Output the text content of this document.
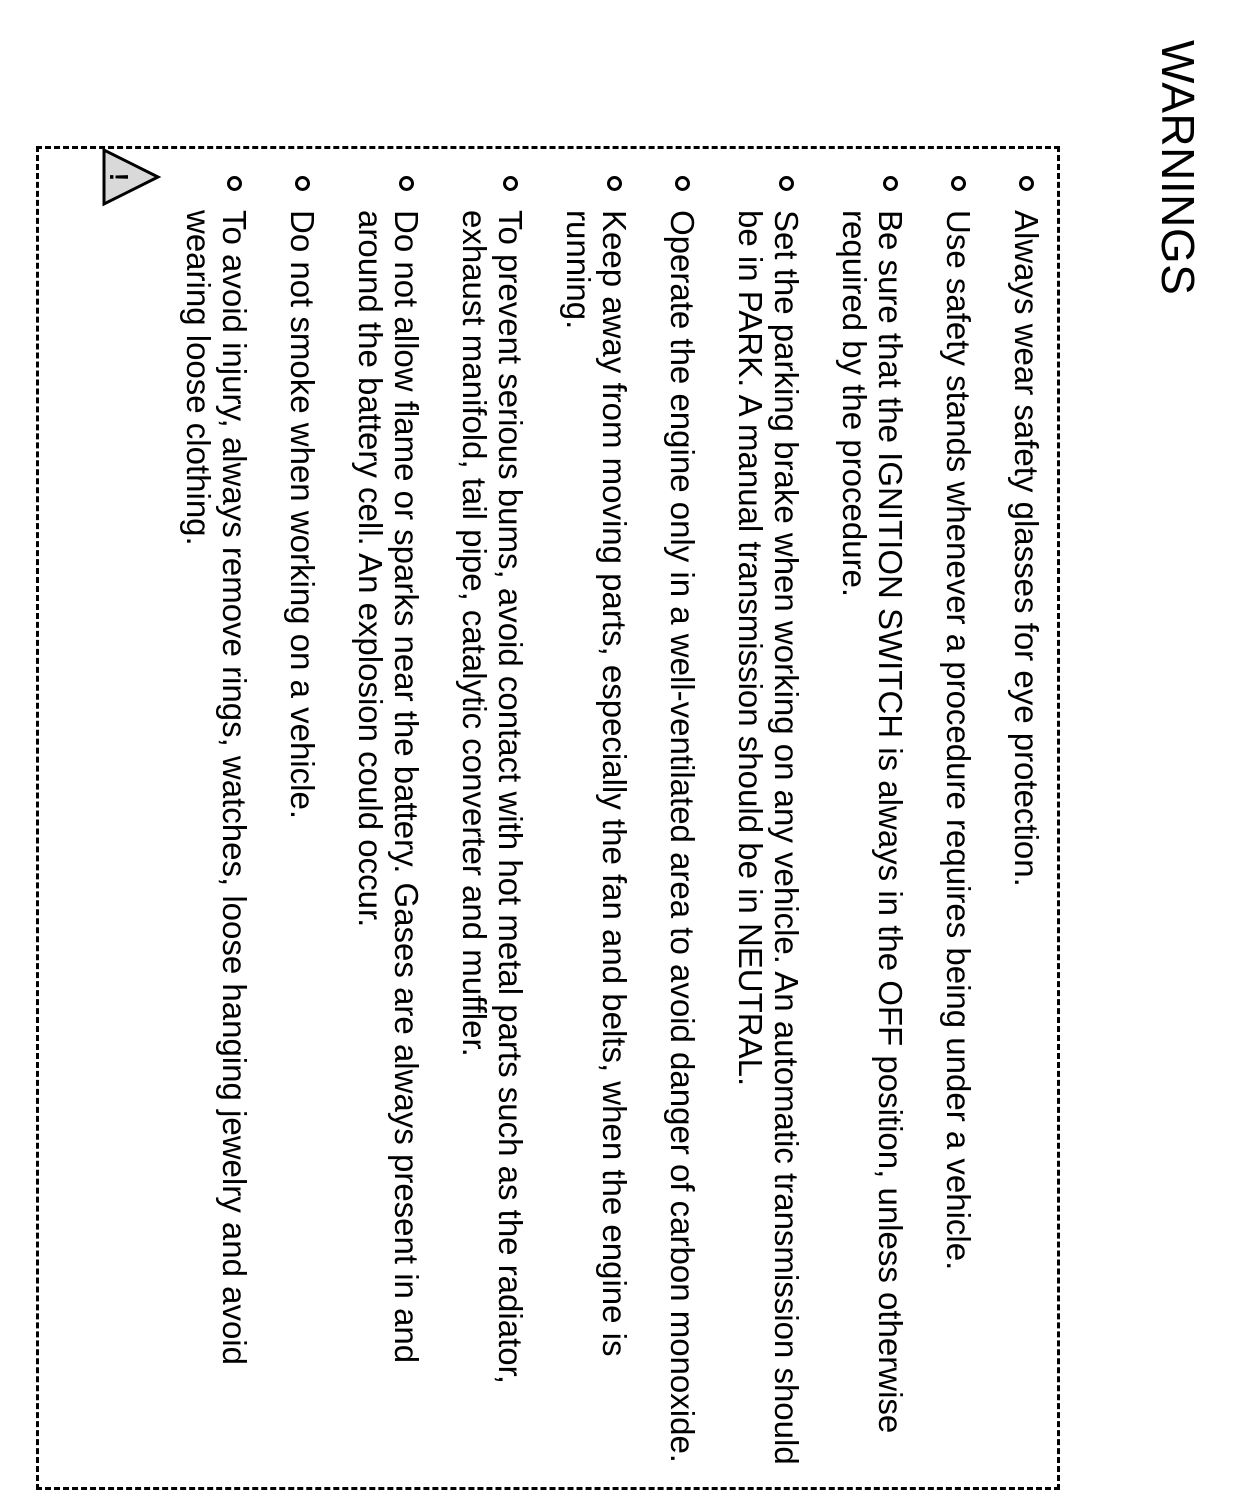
WARNINGS
!
Always wear safety glasses for eye protection.
Use safety stands whenever a procedure requires being under a vehicle.
Be sure that the IGNITION SWITCH is always in the OFF position, unless otherwise required by the procedure.
Set the parking brake when working on any vehicle. An automatic transmission should be in PARK. A manual transmission should be in NEUTRAL.
Operate the engine only in a well-ventilated area to avoid danger of carbon monoxide.
Keep away from moving parts, especially the fan and belts, when the engine is running.
To prevent serious bums, avoid contact with hot metal parts such as the radiator, exhaust manifold, tail pipe, catalytic converter and muffler.
Do not allow flame or sparks near the battery. Gases are always present in and around the battery cell. An explosion could occur.
Do not smoke when working on a vehicle.
To avoid injury, always remove rings, watches, loose hanging jewelry and avoid wearing loose clothing.
